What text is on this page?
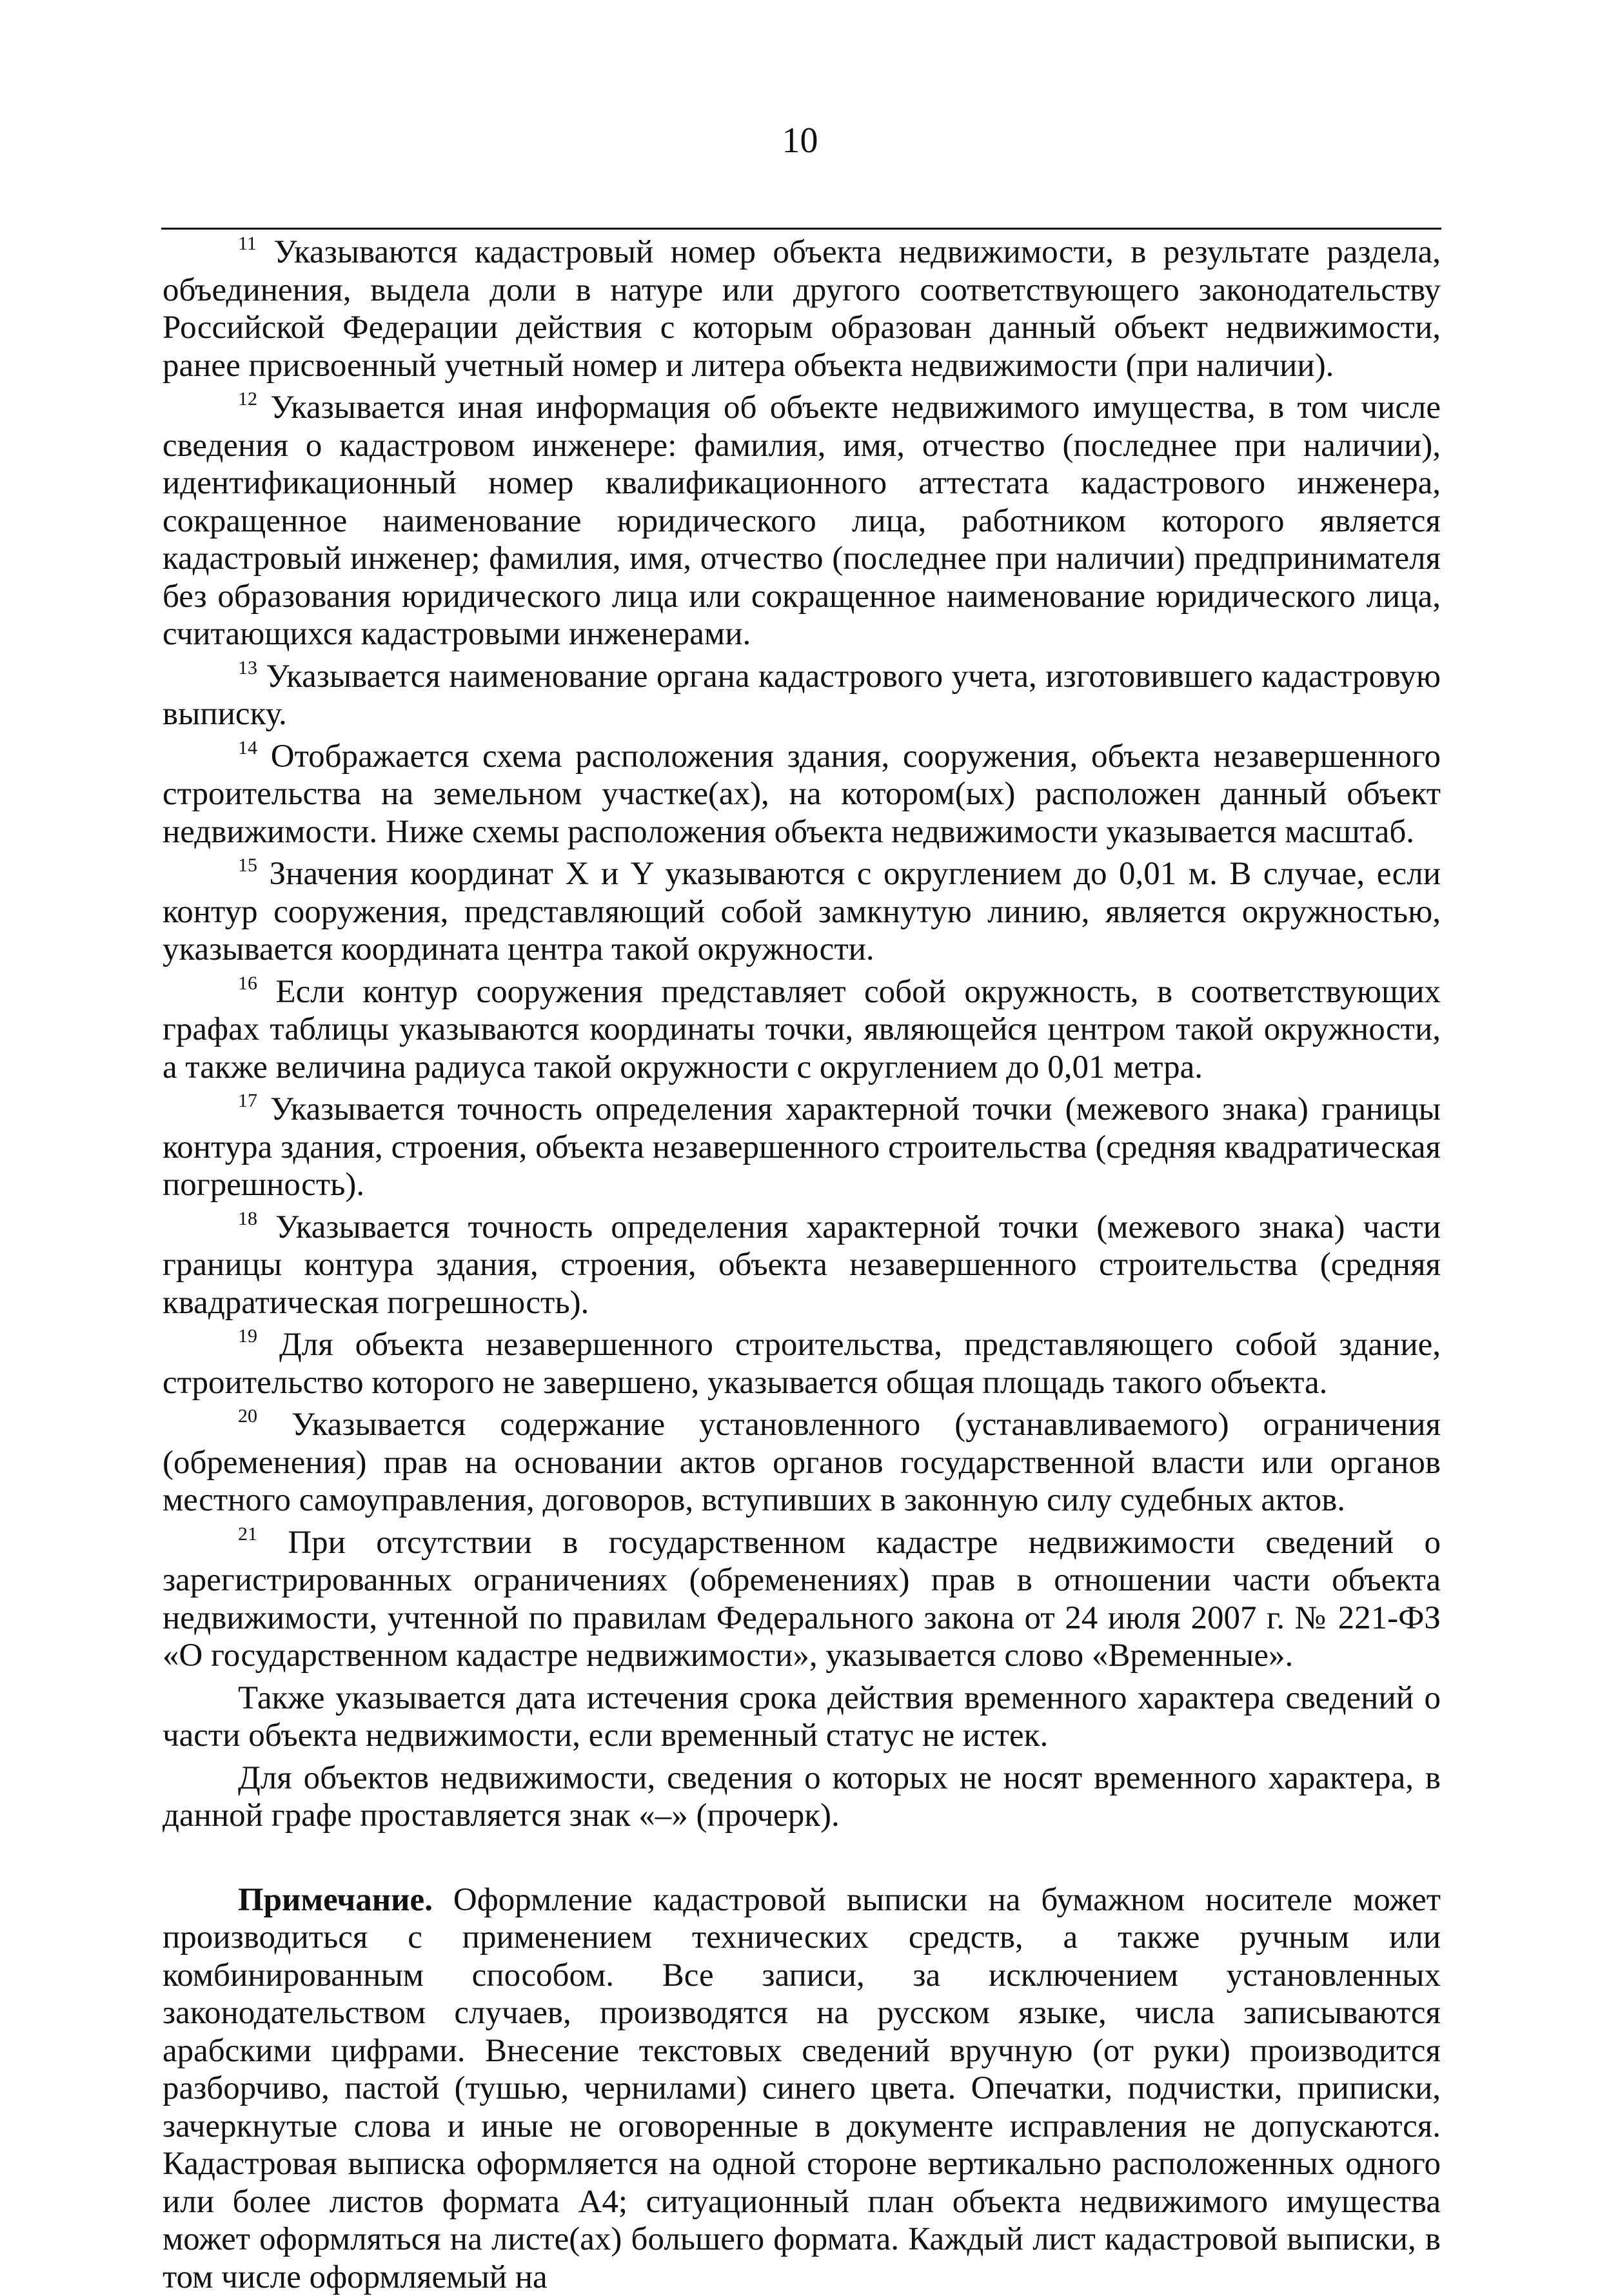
10

$^{11}$ Указываются кадастровый номер объекта недвижимости, в результате раздела, объединения, выдела доли в натуре или другого соответствующего законодательству Российской Федерации действия с которым образован данный объект недвижимости, ранее присвоенный учетный номер и литера объекта недвижимости (при наличии).

$^{12}$ Указывается иная информация об объекте недвижимого имущества, в том числе сведения о кадастровом инженере: фамилия, имя, отчество (последнее при наличии), идентификационный номер квалификационного аттестата кадастрового инженера, сокращенное наименование юридического лица, работником которого является кадастровый инженер; фамилия, имя, отчество (последнее при наличии) предпринимателя без образования юридического лица или сокращенное наименование юридического лица, считающихся кадастровыми инженерами.

$^{13}$ Указывается наименование органа кадастрового учета, изготовившего кадастровую выписку.

$^{14}$ Отображается схема расположения здания, сооружения, объекта незавершенного строительства на земельном участке(ах), на котором(ых) расположен данный объект недвижимости. Ниже схемы расположения объекта недвижимости указывается масштаб.

$^{15}$ Значения координат X и Y указываются с округлением до 0,01 м. В случае, если контур сооружения, представляющий собой замкнутую линию, является окружностью, указывается координата центра такой окружности.

$^{16}$ Если контур сооружения представляет собой окружность, в соответствующих графах таблицы указываются координаты точки, являющейся центром такой окружности, а также величина радиуса такой окружности с округлением до 0,01 метра.

$^{17}$ Указывается точность определения характерной точки (межевого знака) границы контура здания, строения, объекта незавершенного строительства (средняя квадратическая погрешность).

$^{18}$ Указывается точность определения характерной точки (межевого знака) части границы контура здания, строения, объекта незавершенного строительства (средняя квадратическая погрешность).

$^{19}$ Для объекта незавершенного строительства, представляющего собой здание, строительство которого не завершено, указывается общая площадь такого объекта.

$^{20}$ Указывается содержание установленного (устанавливаемого) ограничения (обременения) прав на основании актов органов государственной власти или органов местного самоуправления, договоров, вступивших в законную силу судебных актов.

$^{21}$ При отсутствии в государственном кадастре недвижимости сведений о зарегистрированных ограничениях (обременениях) прав в отношении части объекта недвижимости, учтенной по правилам Федерального закона от 24 июля 2007 г. № 221-ФЗ «О государственном кадастре недвижимости», указывается слово «Временные».

Также указывается дата истечения срока действия временного характера сведений о части объекта недвижимости, если временный статус не истек.

Для объектов недвижимости, сведения о которых не носят временного характера, в данной графе проставляется знак «–» (прочерк).

Примечание. Оформление кадастровой выписки на бумажном носителе может производиться с применением технических средств, а также ручным или комбинированным способом. Все записи, за исключением установленных законодательством случаев, производятся на русском языке, числа записываются арабскими цифрами. Внесение текстовых сведений вручную (от руки) производится разборчиво, пастой (тушью, чернилами) синего цвета. Опечатки, подчистки, приписки, зачеркнутые слова и иные не оговоренные в документе исправления не допускаются. Кадастровая выписка оформляется на одной стороне вертикально расположенных одного или более листов формата А4; ситуационный план объекта недвижимого имущества может оформляться на листе(ах) большего формата. Каждый лист кадастровой выписки, в том числе оформляемый на
